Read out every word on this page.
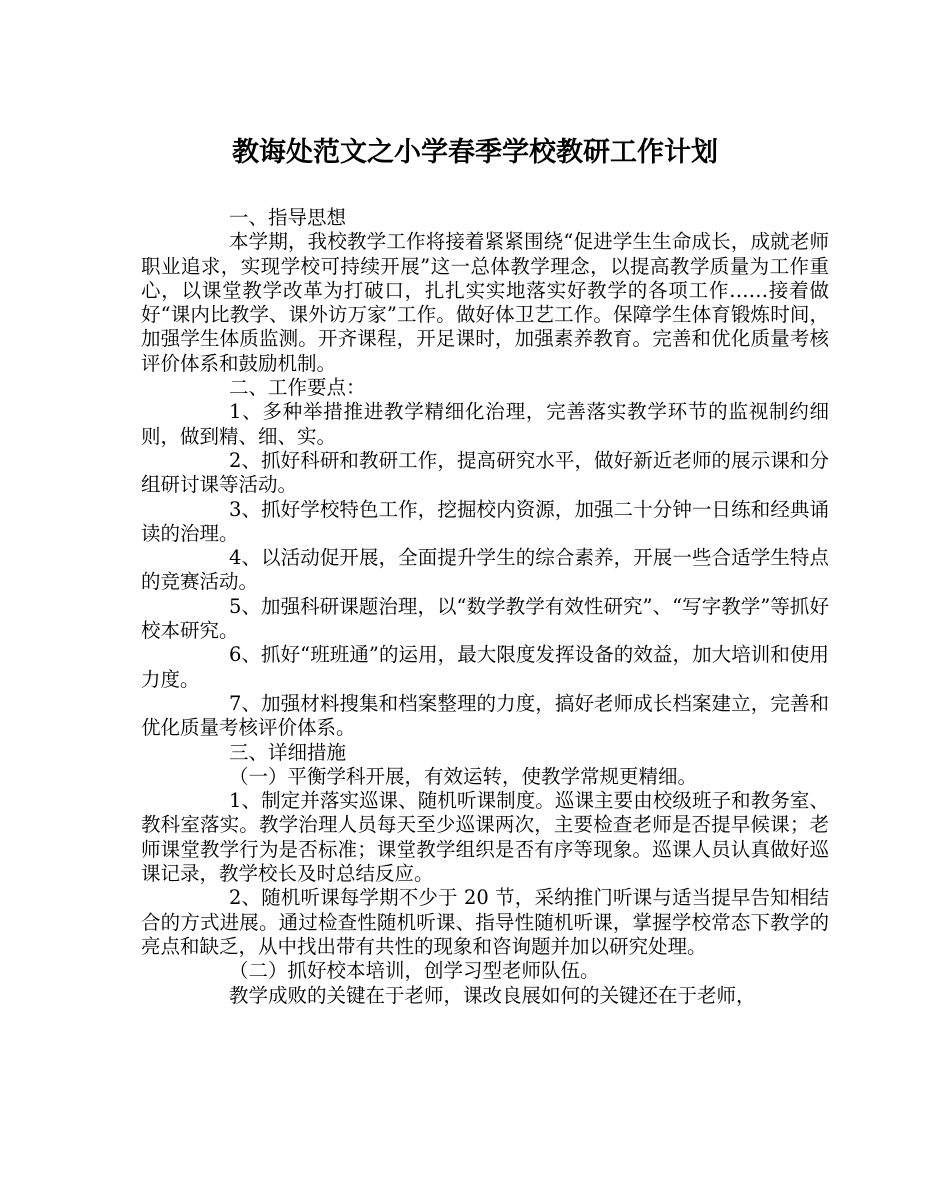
教诲处范文之小学春季学校教研工作计划

一、指导思想

本学期，我校教学工作将接着紧紧围绕“促进学生生命成长，成就老师职业追求，实现学校可持续开展”这一总体教学理念，以提高教学质量为工作重心，以课堂教学改革为打破口，扎扎实实地落实好教学的各项工作……接着做好“课内比教学、课外访万家”工作。做好体卫艺工作。保障学生体育锻炼时间，加强学生体质监测。开齐课程，开足课时，加强素养教育。完善和优化质量考核评价体系和鼓励机制。

二、工作要点：

1、多种举措推进教学精细化治理，完善落实教学环节的监视制约细则，做到精、细、实。

2、抓好科研和教研工作，提高研究水平，做好新近老师的展示课和分组研讨课等活动。

3、抓好学校特色工作，挖掘校内资源，加强二十分钟一日练和经典诵读的治理。

4、以活动促开展，全面提升学生的综合素养，开展一些合适学生特点的竞赛活动。

5、加强科研课题治理，以“数学教学有效性研究”、“写字教学”等抓好校本研究。

6、抓好“班班通”的运用，最大限度发挥设备的效益，加大培训和使用力度。

7、加强材料搜集和档案整理的力度，搞好老师成长档案建立，完善和优化质量考核评价体系。

三、详细措施

（一）平衡学科开展，有效运转，使教学常规更精细。

1、制定并落实巡课、随机听课制度。巡课主要由校级班子和教务室、教科室落实。教学治理人员每天至少巡课两次，主要检查老师是否提早候课；老师课堂教学行为是否标准；课堂教学组织是否有序等现象。巡课人员认真做好巡课记录，教学校长及时总结反应。

2、随机听课每学期不少于 20 节，采纳推门听课与适当提早告知相结合的方式进展。通过检查性随机听课、指导性随机听课，掌握学校常态下教学的亮点和缺乏，从中找出带有共性的现象和咨询题并加以研究处理。

（二）抓好校本培训，创学习型老师队伍。

教学成败的关键在于老师，课改良展如何的关键还在于老师，
